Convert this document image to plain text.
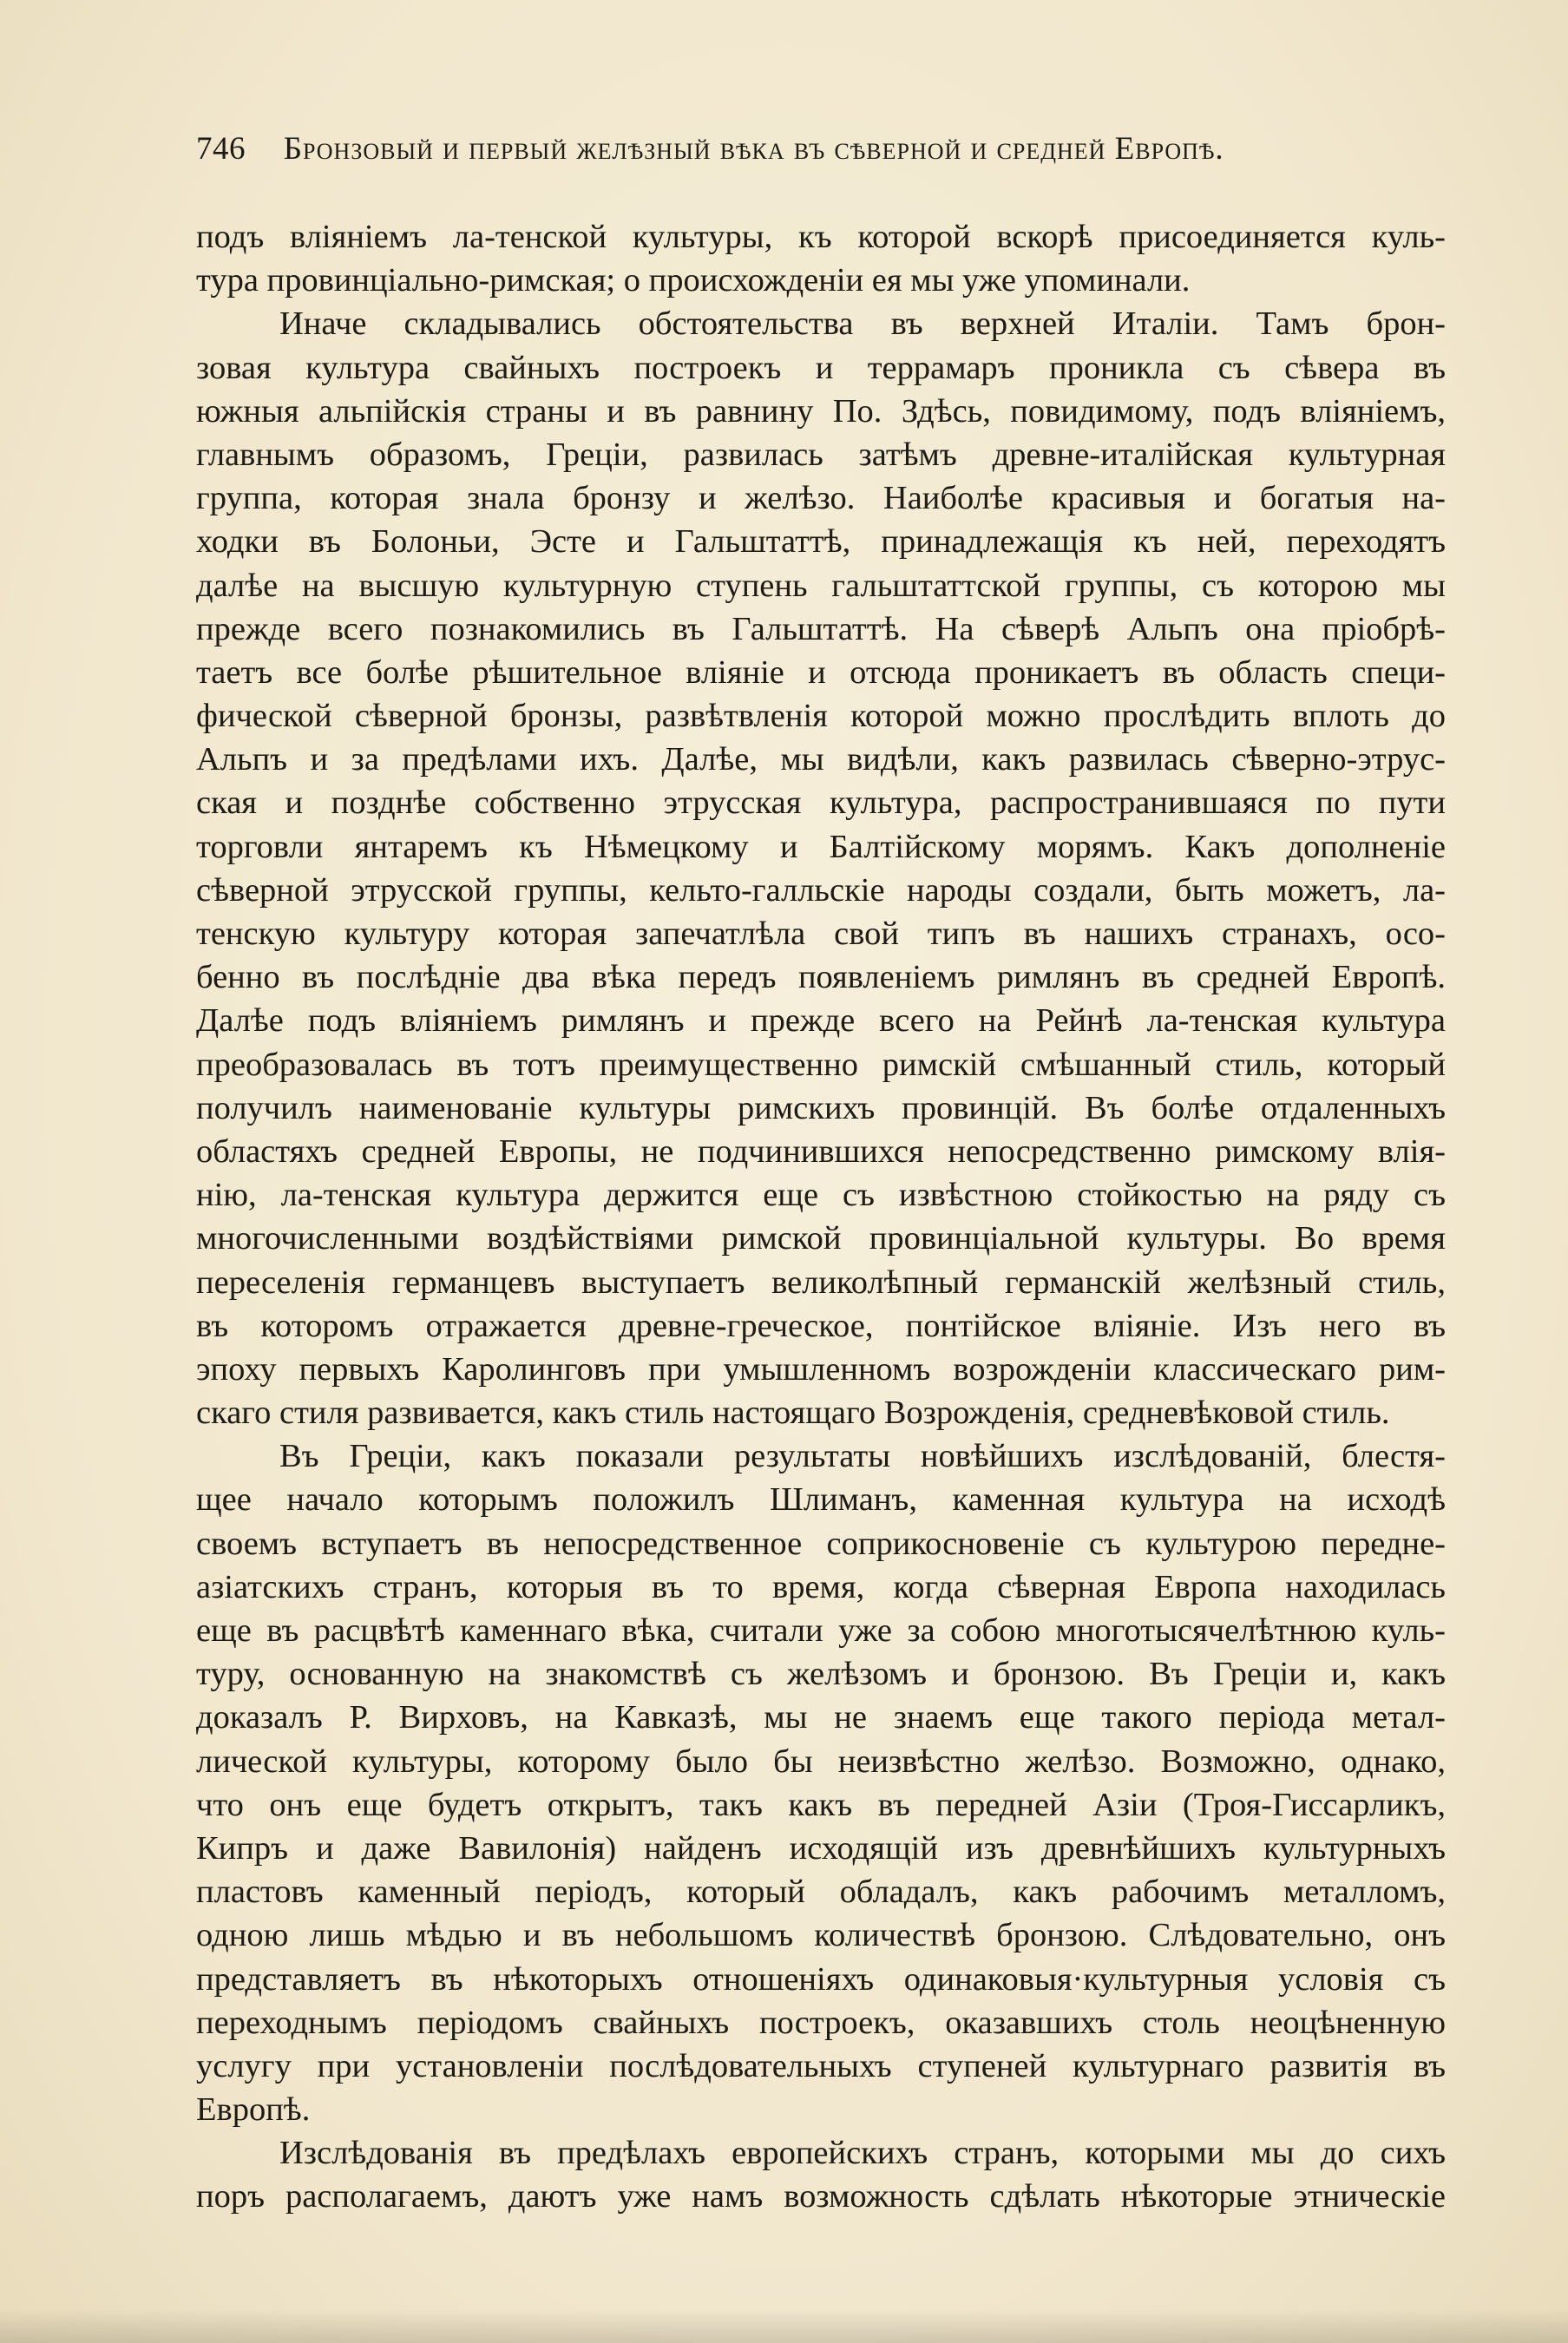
746 Бронзовый и первый желѣзный вѣка въ сѣверной и средней Европѣ.

подъ вліяніемъ ла-тенской культуры, къ которой вскорѣ присоединяется куль-
тура провинціально-римская; о происхожденіи ея мы уже упоминали.

Иначе складывались обстоятельства въ верхней Италіи. Тамъ брон-
зовая культура свайныхъ построекъ и террамаръ проникла съ сѣвера въ
южныя альпійскія страны и въ равнину По. Здѣсь, повидимому, подъ вліяніемъ,
главнымъ образомъ, Греціи, развилась затѣмъ древне-италійская культурная
группа, которая знала бронзу и желѣзо. Наиболѣе красивыя и богатыя на-
ходки въ Болоньи, Эсте и Гальштаттѣ, принадлежащія къ ней, переходятъ
далѣе на высшую культурную ступень гальштаттской группы, съ которою мы
прежде всего познакомились въ Гальштаттѣ. На сѣверѣ Альпъ она пріобрѣ-
таетъ все болѣе рѣшительное вліяніе и отсюда проникаетъ въ область специ-
фической сѣверной бронзы, развѣтвленія которой можно прослѣдить вплоть до
Альпъ и за предѣлами ихъ. Далѣе, мы видѣли, какъ развилась сѣверно-этрус-
ская и позднѣе собственно этрусская культура, распространившаяся по пути
торговли янтаремъ къ Нѣмецкому и Балтійскому морямъ. Какъ дополненіе
сѣверной этрусской группы, кельто-галльскіе народы создали, быть можетъ, ла-
тенскую культуру которая запечатлѣла свой типъ въ нашихъ странахъ, осо-
бенно въ послѣдніе два вѣка передъ появленіемъ римлянъ въ средней Европѣ.
Далѣе подъ вліяніемъ римлянъ и прежде всего на Рейнѣ ла-тенская культура
преобразовалась въ тотъ преимущественно римскій смѣшанный стиль, который
получилъ наименованіе культуры римскихъ провинцій. Въ болѣе отдаленныхъ
областяхъ средней Европы, не подчинившихся непосредственно римскому влія-
нію, ла-тенская культура держится еще съ извѣстною стойкостью на ряду съ
многочисленными воздѣйствіями римской провинціальной культуры. Во время
переселенія германцевъ выступаетъ великолѣпный германскій желѣзный стиль,
въ которомъ отражается древне-греческое, понтійское вліяніе. Изъ него въ
эпоху первыхъ Каролинговъ при умышленномъ возрожденіи классическаго рим-
скаго стиля развивается, какъ стиль настоящаго Возрожденія, средневѣковой стиль.

Въ Греціи, какъ показали результаты новѣйшихъ изслѣдованій, блестя-
щее начало которымъ положилъ Шлиманъ, каменная культура на исходѣ
своемъ вступаетъ въ непосредственное соприкосновеніе съ культурою передне-
азіатскихъ странъ, которыя въ то время, когда сѣверная Европа находилась
еще въ расцвѣтѣ каменнаго вѣка, считали уже за собою многотысячелѣтнюю куль-
туру, основанную на знакомствѣ съ желѣзомъ и бронзою. Въ Греціи и, какъ
доказалъ Р. Вирховъ, на Кавказѣ, мы не знаемъ еще такого періода метал-
лической культуры, которому было бы неизвѣстно желѣзо. Возможно, однако,
что онъ еще будетъ открытъ, такъ какъ въ передней Азіи (Троя-Гиссарликъ,
Кипръ и даже Вавилонія) найденъ исходящій изъ древнѣйшихъ культурныхъ
пластовъ каменный періодъ, который обладалъ, какъ рабочимъ металломъ,
одною лишь мѣдью и въ небольшомъ количествѣ бронзою. Слѣдовательно, онъ
представляетъ въ нѣкоторыхъ отношеніяхъ одинаковыя·культурныя условія съ
переходнымъ періодомъ свайныхъ построекъ, оказавшихъ столь неоцѣненную
услугу при установленіи послѣдовательныхъ ступеней культурнаго развитія въ
Европѣ.

Изслѣдованія въ предѣлахъ европейскихъ странъ, которыми мы до сихъ
поръ располагаемъ, даютъ уже намъ возможность сдѣлать нѣкоторые этническіе
